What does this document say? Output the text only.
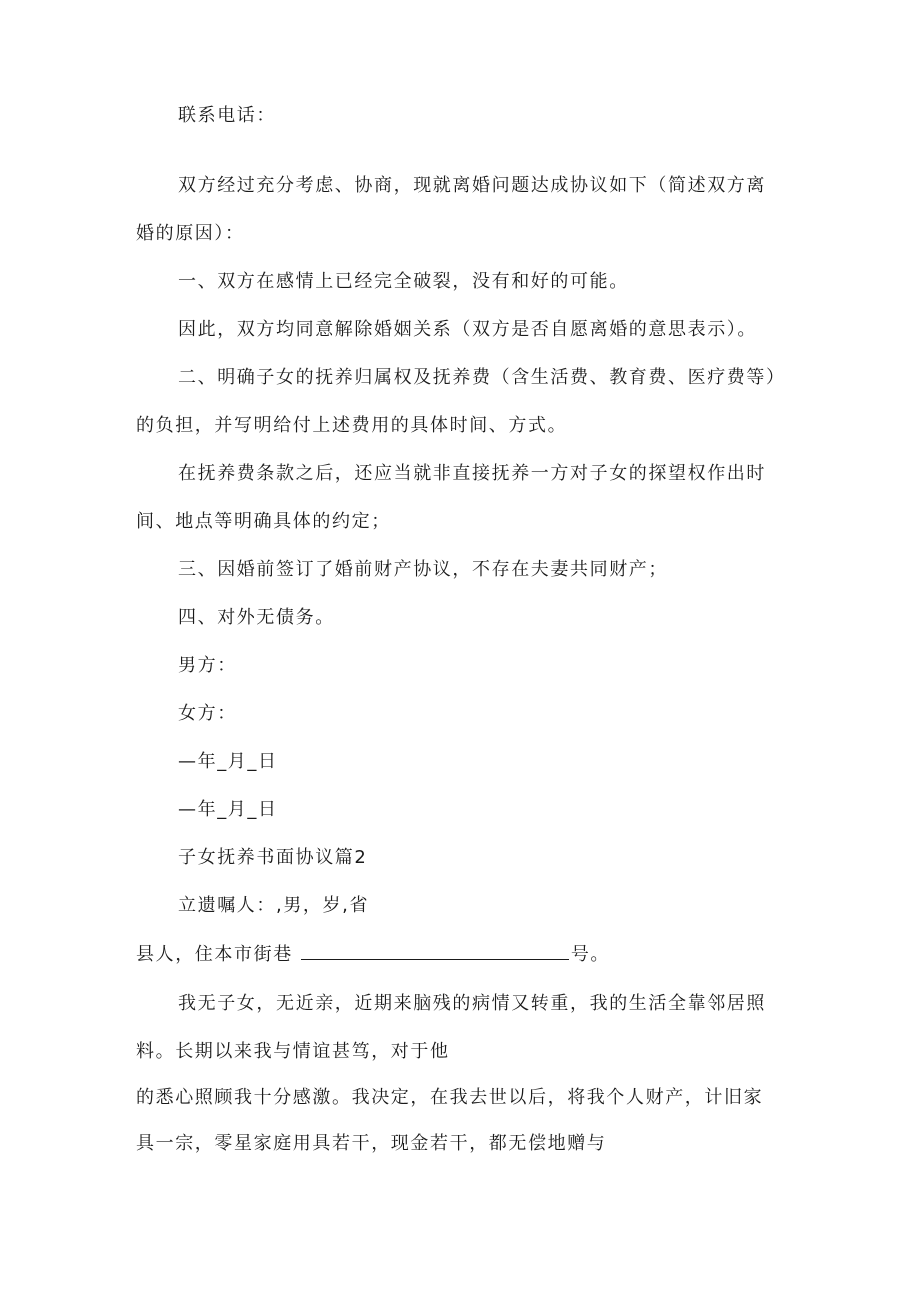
联系电话：
双方经过充分考虑、协商，现就离婚问题达成协议如下（简述双方离
婚的原因）：
一、双方在感情上已经完全破裂，没有和好的可能。
因此，双方均同意解除婚姻关系（双方是否自愿离婚的意思表示）。
二、明确子女的抚养归属权及抚养费（含生活费、教育费、医疗费等）
的负担，并写明给付上述费用的具体时间、方式。
在抚养费条款之后，还应当就非直接抚养一方对子女的探望权作出时
间、地点等明确具体的约定；
三、因婚前签订了婚前财产协议，不存在夫妻共同财产；
四、对外无债务。
男方：
女方：
—年_月_日
—年_月_日
子女抚养书面协议篇2
立遗嘱人：,男，岁,省
县人，住本市街巷	号。
我无子女，无近亲，近期来脑残的病情又转重，我的生活全靠邻居照
料。长期以来我与情谊甚笃，对于他
的悉心照顾我十分感激。我决定，在我去世以后，将我个人财产，计旧家
具一宗，零星家庭用具若干，现金若干，都无偿地赠与
